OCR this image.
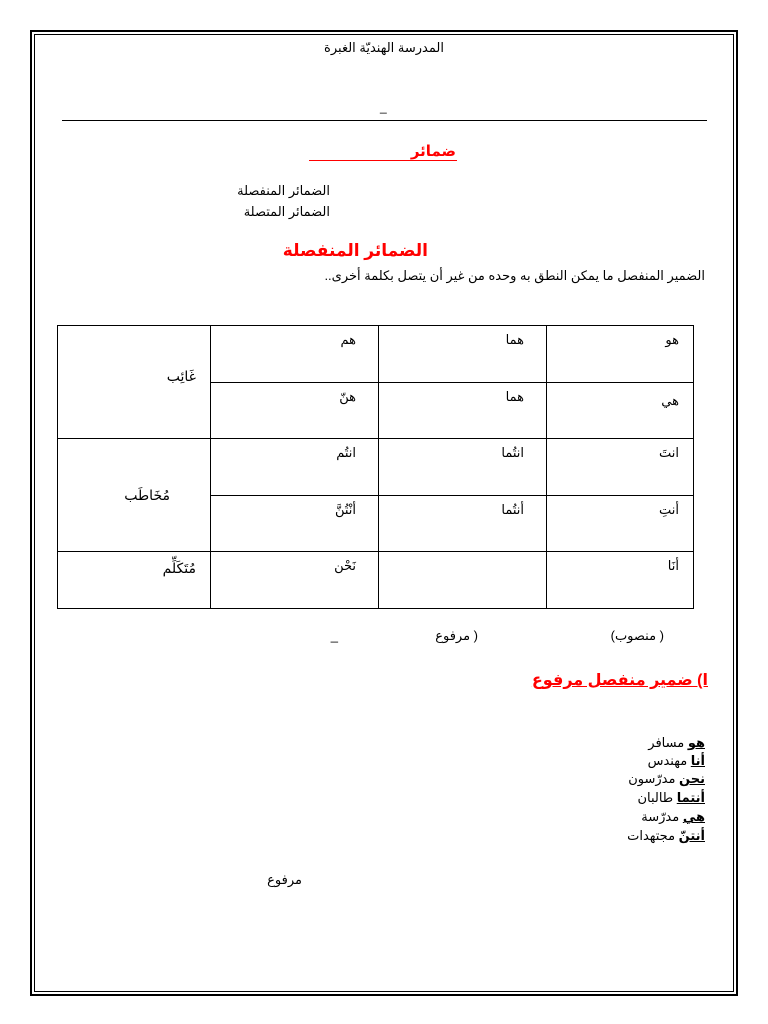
المدرسة الهنديّة الغبرة
_
ضمائر
الضمائر المنفصلة
الضمائر المتصلة
الضمائر المنفصلة
الضمير المنفصل ما يمكن النطق به وحده من غير أن يتصل بكلمة أخرى..
غَائِب	هم	هما	هو

	هنّ	هما	هي

مُخَاطَب	انتُم	انتُما	انتَ

	أنْتُنَّ	أنتُما	أنتِ

مُتَكَلِّم	نَحْن		أنَا
( منصوب)
( مرفوع
_
ا) ضمير منفصل مرفوع
هو مسافر
أنا مهندس
نحن مدرّسون
أنتما طالبان
هي مدرّسة
أنتنّ مجتهدات
مرفوع
